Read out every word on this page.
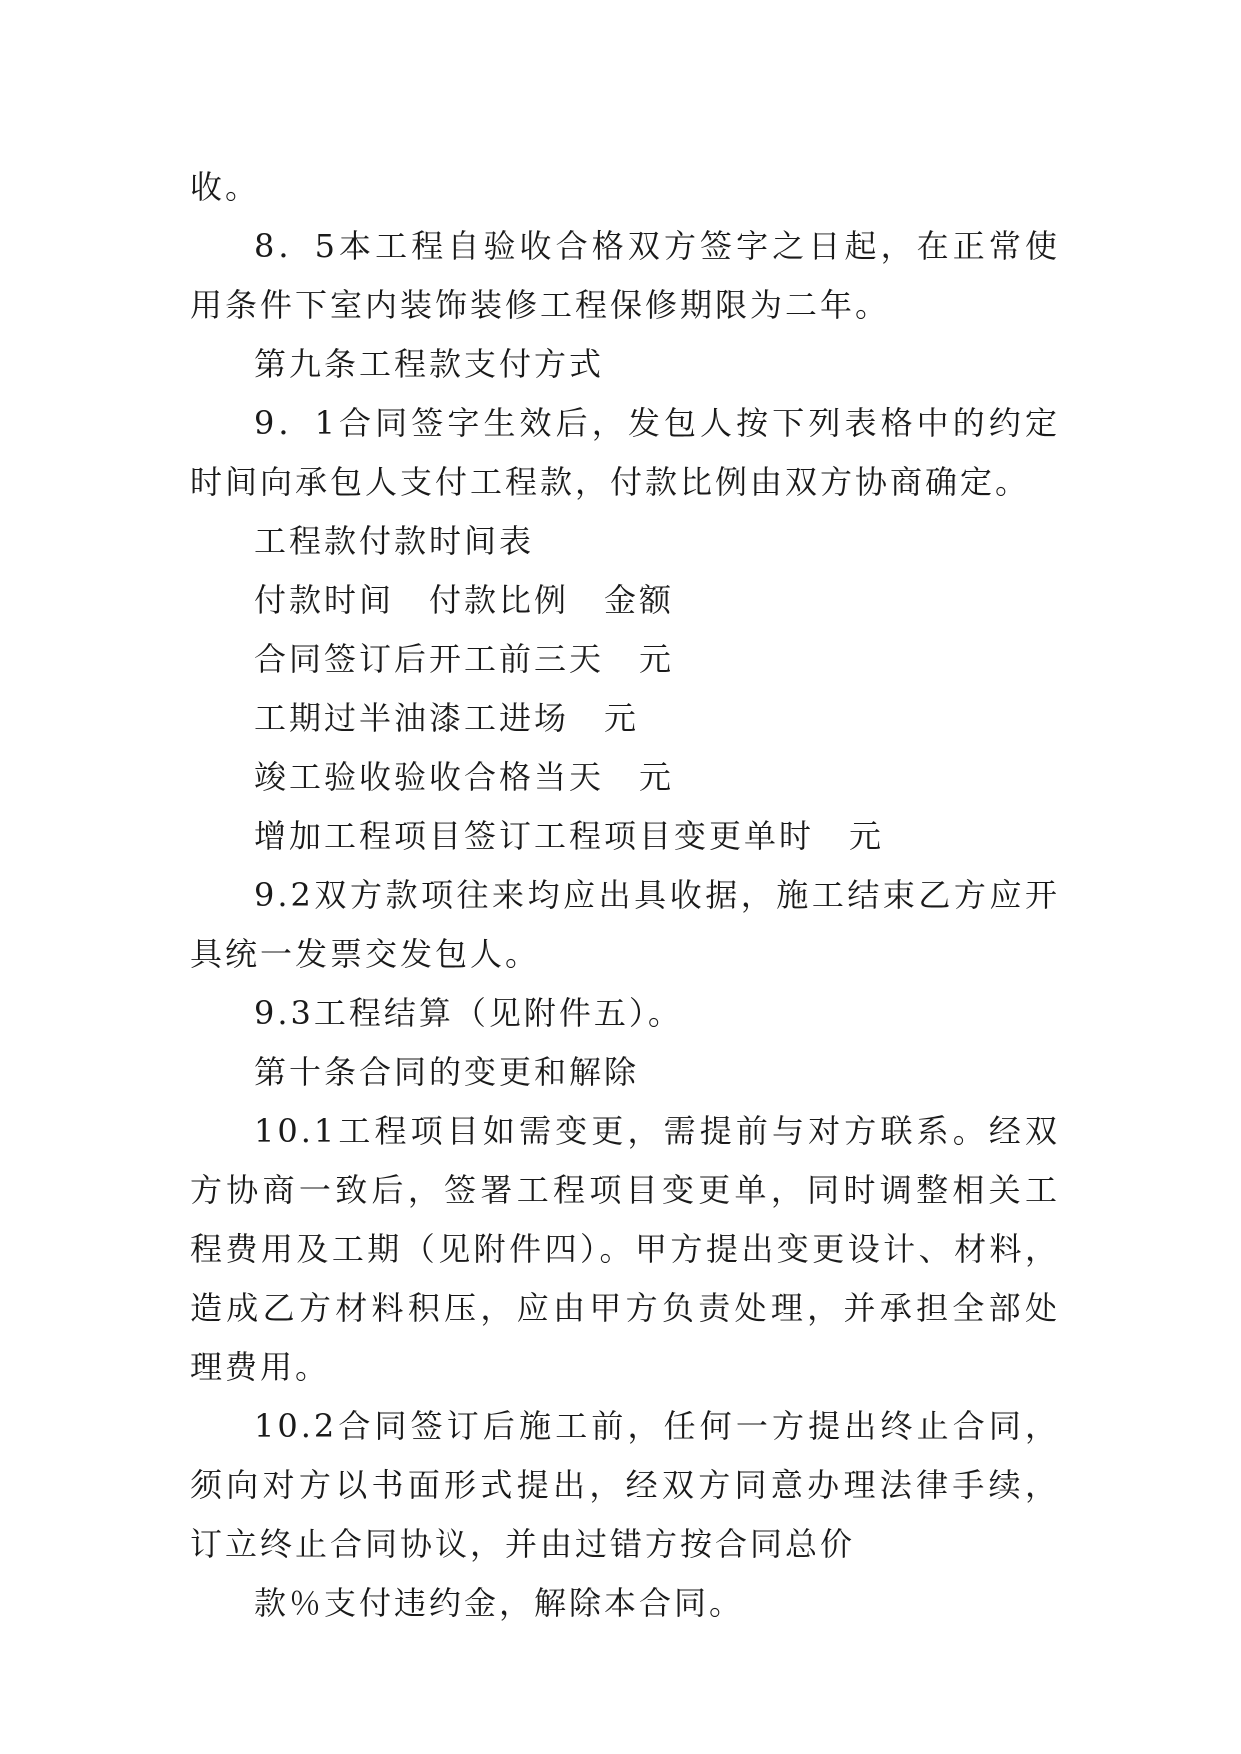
收。

8．5本工程自验收合格双方签字之日起，在正常使用条件下室内装饰装修工程保修期限为二年。

第九条工程款支付方式

9．1合同签字生效后，发包人按下列表格中的约定时间向承包人支付工程款，付款比例由双方协商确定。

工程款付款时间表

付款时间　付款比例　金额

合同签订后开工前三天　元

工期过半油漆工进场　元

竣工验收验收合格当天　元

增加工程项目签订工程项目变更单时　元

9.2双方款项往来均应出具收据，施工结束乙方应开具统一发票交发包人。

9.3工程结算（见附件五）。

第十条合同的变更和解除

10.1工程项目如需变更，需提前与对方联系。经双方协商一致后，签署工程项目变更单，同时调整相关工程费用及工期（见附件四）。甲方提出变更设计、材料，造成乙方材料积压，应由甲方负责处理，并承担全部处理费用。

10.2合同签订后施工前，任何一方提出终止合同，须向对方以书面形式提出，经双方同意办理法律手续，订立终止合同协议，并由过错方按合同总价

款％支付违约金，解除本合同。
